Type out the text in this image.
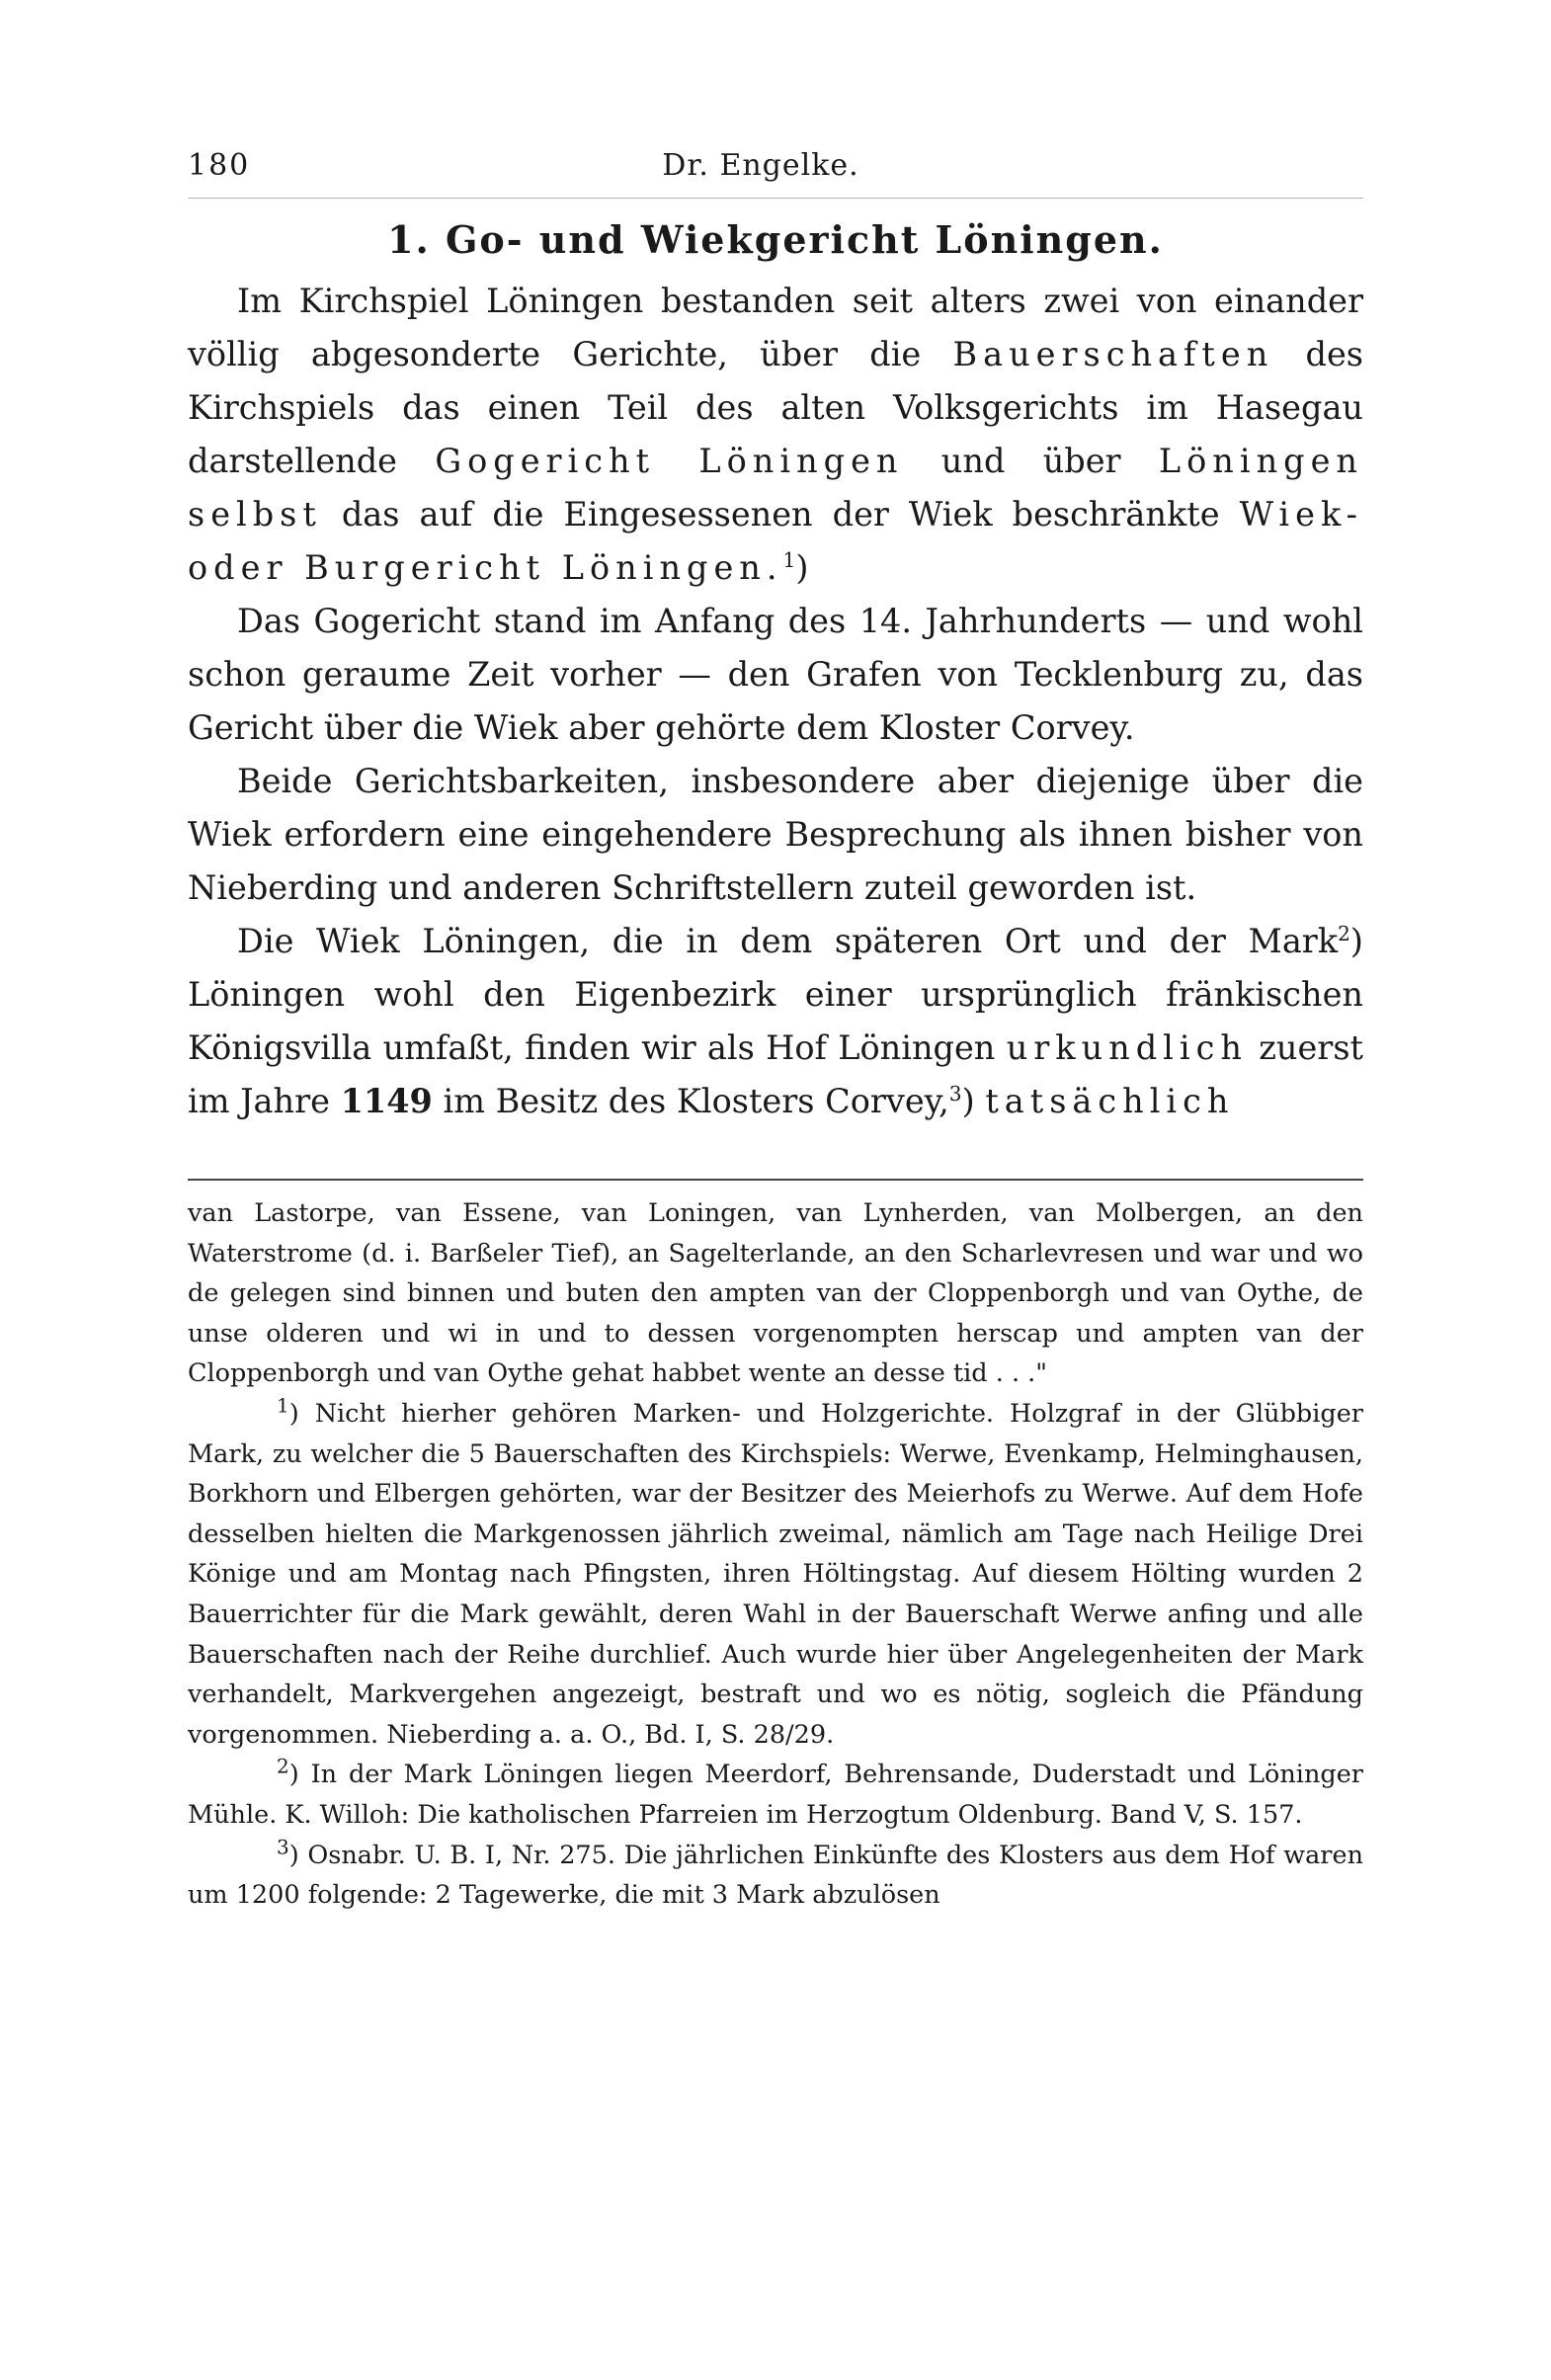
180	Dr. Engelke.
1. Go- und Wiekgericht Löningen.

Im Kirchspiel Löningen bestanden seit alters zwei von einander völlig abgesonderte Gerichte, über die Bauerschaften des Kirchspiels das einen Teil des alten Volksgerichts im Hasegau darstellende Gogericht Löningen und über Löningen selbst das auf die Eingesessenen der Wiek beschränkte Wiek- oder Burgericht Löningen.$^1$)

Das Gogericht stand im Anfang des 14. Jahrhunderts — und wohl schon geraume Zeit vorher — den Grafen von Tecklenburg zu, das Gericht über die Wiek aber gehörte dem Kloster Corvey.

Beide Gerichtsbarkeiten, insbesondere aber diejenige über die Wiek erfordern eine eingehendere Besprechung als ihnen bisher von Nieberding und anderen Schriftstellern zuteil geworden ist.

Die Wiek Löningen, die in dem späteren Ort und der Mark$^2$) Löningen wohl den Eigenbezirk einer ursprünglich fränkischen Königsvilla umfaßt, finden wir als Hof Löningen urkundlich zuerst im Jahre 1149 im Besitz des Klosters Corvey,$^3$) tatsächlich

van Lastorpe, van Essene, van Loningen, van Lynherden, van Molbergen, an den Waterstrome (d. i. Barßeler Tief), an Sagelterlande, an den Scharlevresen und war und wo de gelegen sind binnen und buten den ampten van der Cloppenborgh und van Oythe, de unse olderen und wi in und to dessen vorgenompten herscap und ampten van der Cloppenborgh und van Oythe gehat habbet wente an desse tid . . ."

$^1$) Nicht hierher gehören Marken- und Holzgerichte. Holzgraf in der Glübbiger Mark, zu welcher die 5 Bauerschaften des Kirchspiels: Werwe, Evenkamp, Helminghausen, Borkhorn und Elbergen gehörten, war der Besitzer des Meierhofs zu Werwe. Auf dem Hofe desselben hielten die Markgenossen jährlich zweimal, nämlich am Tage nach Heilige Drei Könige und am Montag nach Pfingsten, ihren Höltingstag. Auf diesem Hölting wurden 2 Bauerrichter für die Mark gewählt, deren Wahl in der Bauerschaft Werwe anfing und alle Bauerschaften nach der Reihe durchlief. Auch wurde hier über Angelegenheiten der Mark verhandelt, Markvergehen angezeigt, bestraft und wo es nötig, sogleich die Pfändung vorgenommen. Nieberding a. a. O., Bd. I, S. 28/29.

$^2$) In der Mark Löningen liegen Meerdorf, Behrensande, Duderstadt und Löninger Mühle. K. Willoh: Die katholischen Pfarreien im Herzogtum Oldenburg. Band V, S. 157.

$^3$) Osnabr. U. B. I, Nr. 275. Die jährlichen Einkünfte des Klosters aus dem Hof waren um 1200 folgende: 2 Tagewerke, die mit 3 Mark abzulösen
